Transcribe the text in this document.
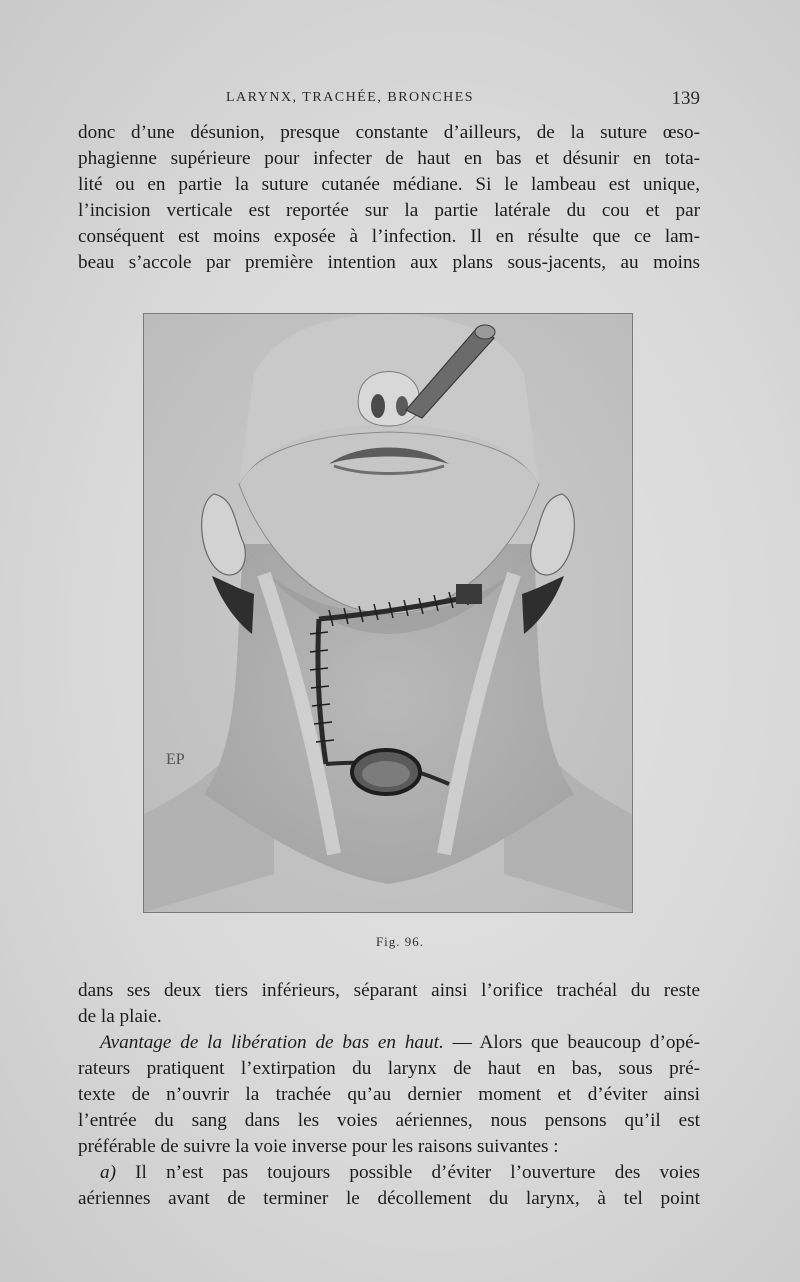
LARYNX, TRACHÉE, BRONCHES	139

donc d’une désunion, presque constante d’ailleurs, de la suture œso-

phagienne supérieure pour infecter de haut en bas et désunir en tota-

lité ou en partie la suture cutanée médiane. Si le lambeau est unique,

l’incision verticale est reportée sur la partie latérale du cou et par

conséquent est moins exposée à l’infection. Il en résulte que ce lam-

beau s’accole par première intention aux plans sous-jacents, au moins

EP
Fig. 96.

dans ses deux tiers inférieurs, séparant ainsi l’orifice trachéal du reste

de la plaie.

Avantage de la libération de bas en haut. — Alors que beaucoup d’opé-

rateurs pratiquent l’extirpation du larynx de haut en bas, sous pré-

texte de n’ouvrir la trachée qu’au dernier moment et d’éviter ainsi

l’entrée du sang dans les voies aériennes, nous pensons qu’il est

préférable de suivre la voie inverse pour les raisons suivantes :

a) Il n’est pas toujours possible d’éviter l’ouverture des voies

aériennes avant de terminer le décollement du larynx, à tel point
